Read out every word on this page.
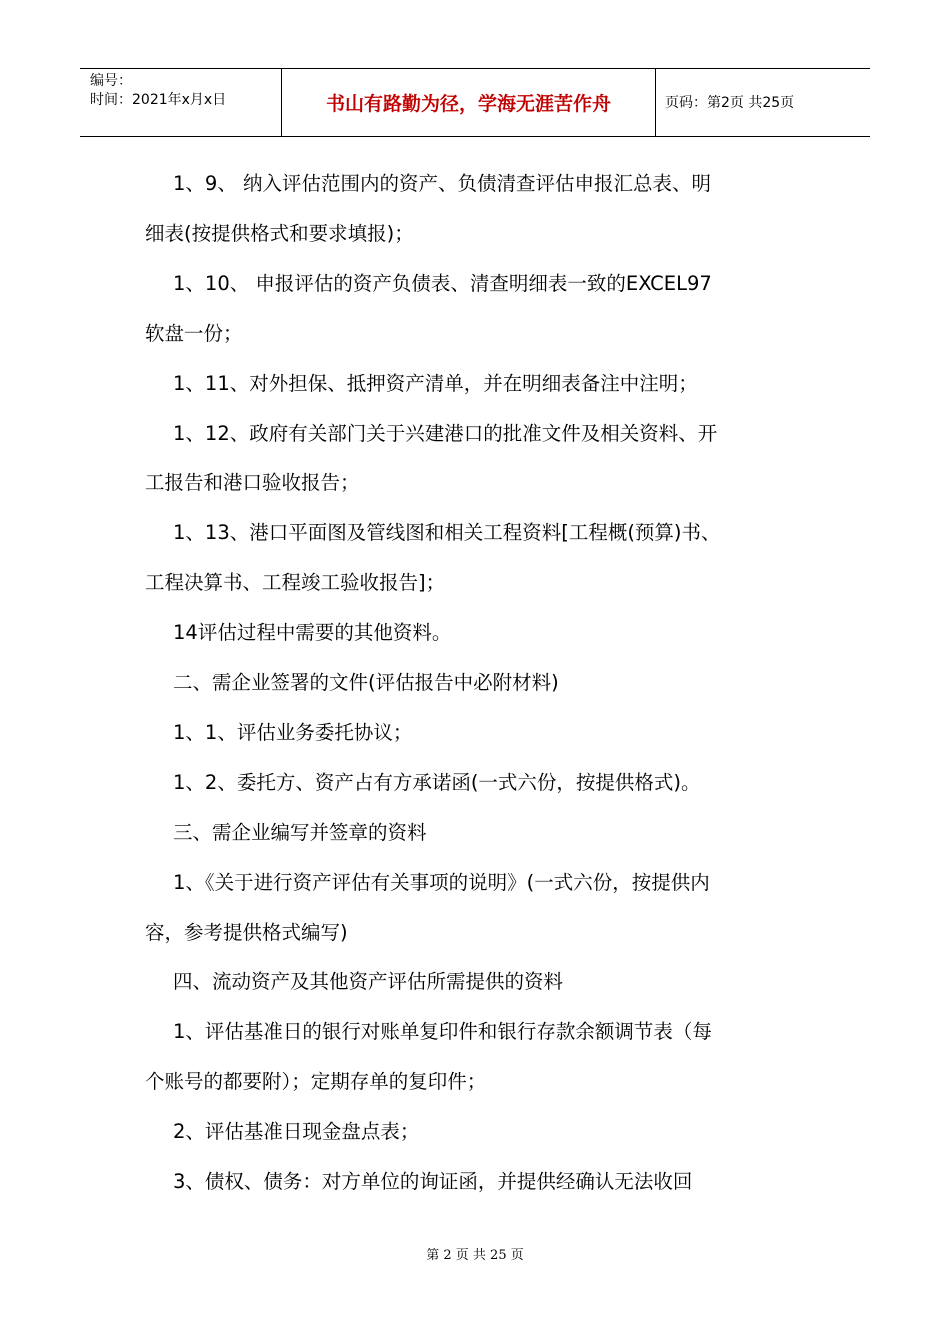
编号：
时间：2021年x月x日	书山有路勤为径，学海无涯苦作舟	页码：第2页 共25页
1、9、 纳入评估范围内的资产、负债清查评估申报汇总表、明
细表(按提供格式和要求填报)；
1、10、 申报评估的资产负债表、清查明细表一致的EXCEL97
软盘一份；
1、11、对外担保、抵押资产清单，并在明细表备注中注明；
1、12、政府有关部门关于兴建港口的批准文件及相关资料、开
工报告和港口验收报告；
1、13、港口平面图及管线图和相关工程资料[工程概(预算)书、
工程决算书、工程竣工验收报告]；
14评估过程中需要的其他资料。
二、需企业签署的文件(评估报告中必附材料)
1、1、评估业务委托协议；
1、2、委托方、资产占有方承诺函(一式六份，按提供格式)。
三、需企业编写并签章的资料
1、《关于进行资产评估有关事项的说明》(一式六份，按提供内
容，参考提供格式编写)
四、流动资产及其他资产评估所需提供的资料
1、评估基准日的银行对账单复印件和银行存款余额调节表（每
个账号的都要附）；定期存单的复印件；
2、评估基准日现金盘点表；
3、债权、债务：对方单位的询证函，并提供经确认无法收回
第 2 页 共 25 页
